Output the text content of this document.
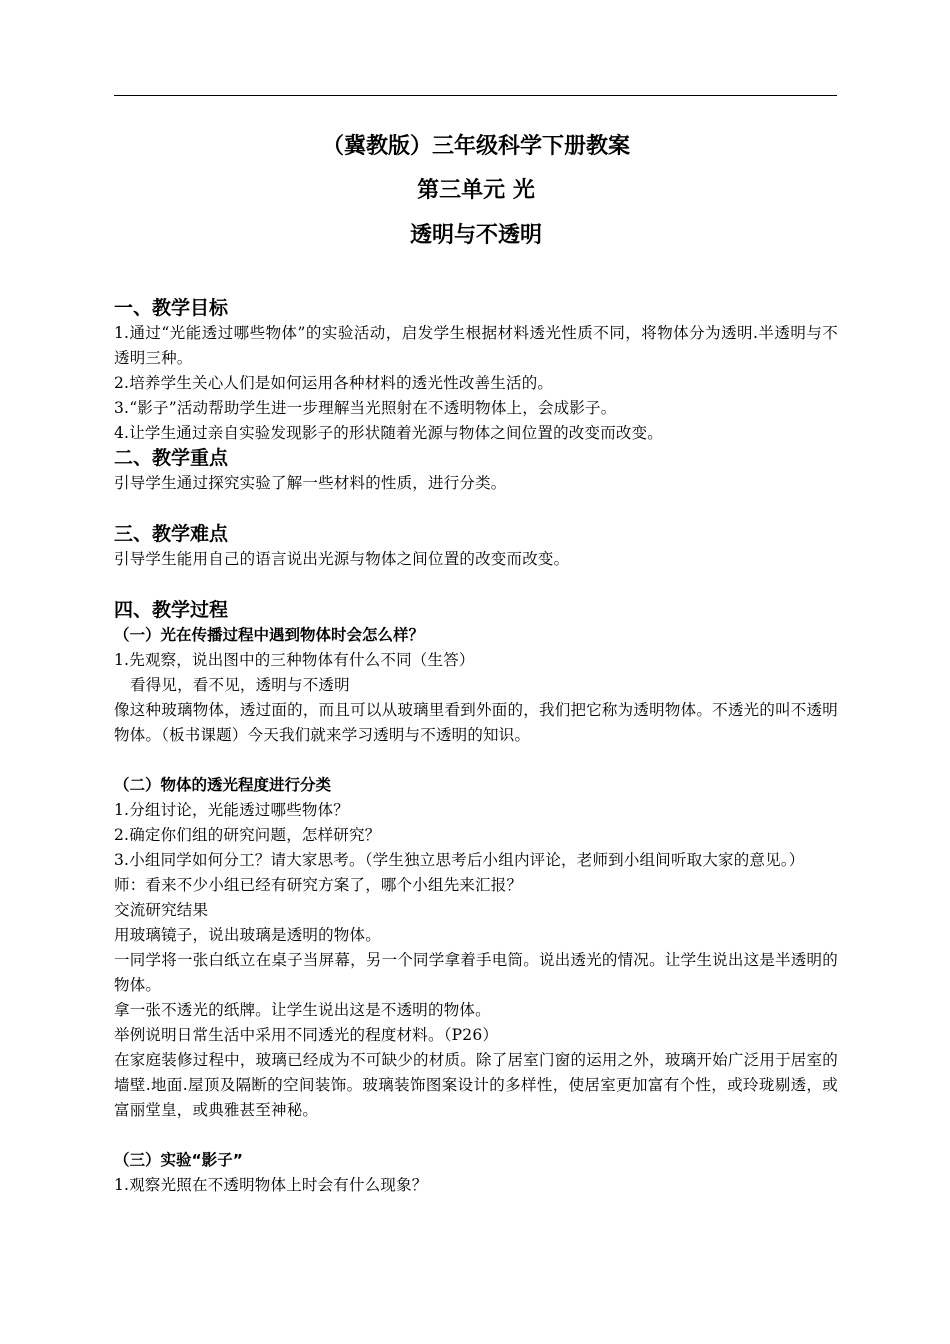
（冀教版）三年级科学下册教案
第三单元 光
透明与不透明
一、教学目标
1.通过“光能透过哪些物体”的实验活动，启发学生根据材料透光性质不同，将物体分为透明.半透明与不透明三种。
2.培养学生关心人们是如何运用各种材料的透光性改善生活的。
3.“影子”活动帮助学生进一步理解当光照射在不透明物体上，会成影子。
4.让学生通过亲自实验发现影子的形状随着光源与物体之间位置的改变而改变。
二、教学重点
引导学生通过探究实验了解一些材料的性质，进行分类。
三、教学难点
引导学生能用自己的语言说出光源与物体之间位置的改变而改变。
四、教学过程
（一）光在传播过程中遇到物体时会怎么样？
1.先观察，说出图中的三种物体有什么不同（生答）
看得见，看不见，透明与不透明
像这种玻璃物体，透过面的，而且可以从玻璃里看到外面的，我们把它称为透明物体。不透光的叫不透明物体。（板书课题）今天我们就来学习透明与不透明的知识。
（二）物体的透光程度进行分类
1.分组讨论，光能透过哪些物体？
2.确定你们组的研究问题，怎样研究？
3.小组同学如何分工？请大家思考。（学生独立思考后小组内评论，老师到小组间听取大家的意见。）
师：看来不少小组已经有研究方案了，哪个小组先来汇报？
交流研究结果
用玻璃镜子，说出玻璃是透明的物体。
一同学将一张白纸立在桌子当屏幕，另一个同学拿着手电筒。说出透光的情况。让学生说出这是半透明的物体。
拿一张不透光的纸牌。让学生说出这是不透明的物体。
举例说明日常生活中采用不同透光的程度材料。（P26）
在家庭装修过程中，玻璃已经成为不可缺少的材质。除了居室门窗的运用之外，玻璃开始广泛用于居室的墙壁.地面.屋顶及隔断的空间装饰。玻璃装饰图案设计的多样性，使居室更加富有个性，或玲珑剔透，或富丽堂皇，或典雅甚至神秘。
（三）实验“影子”
1.观察光照在不透明物体上时会有什么现象？
